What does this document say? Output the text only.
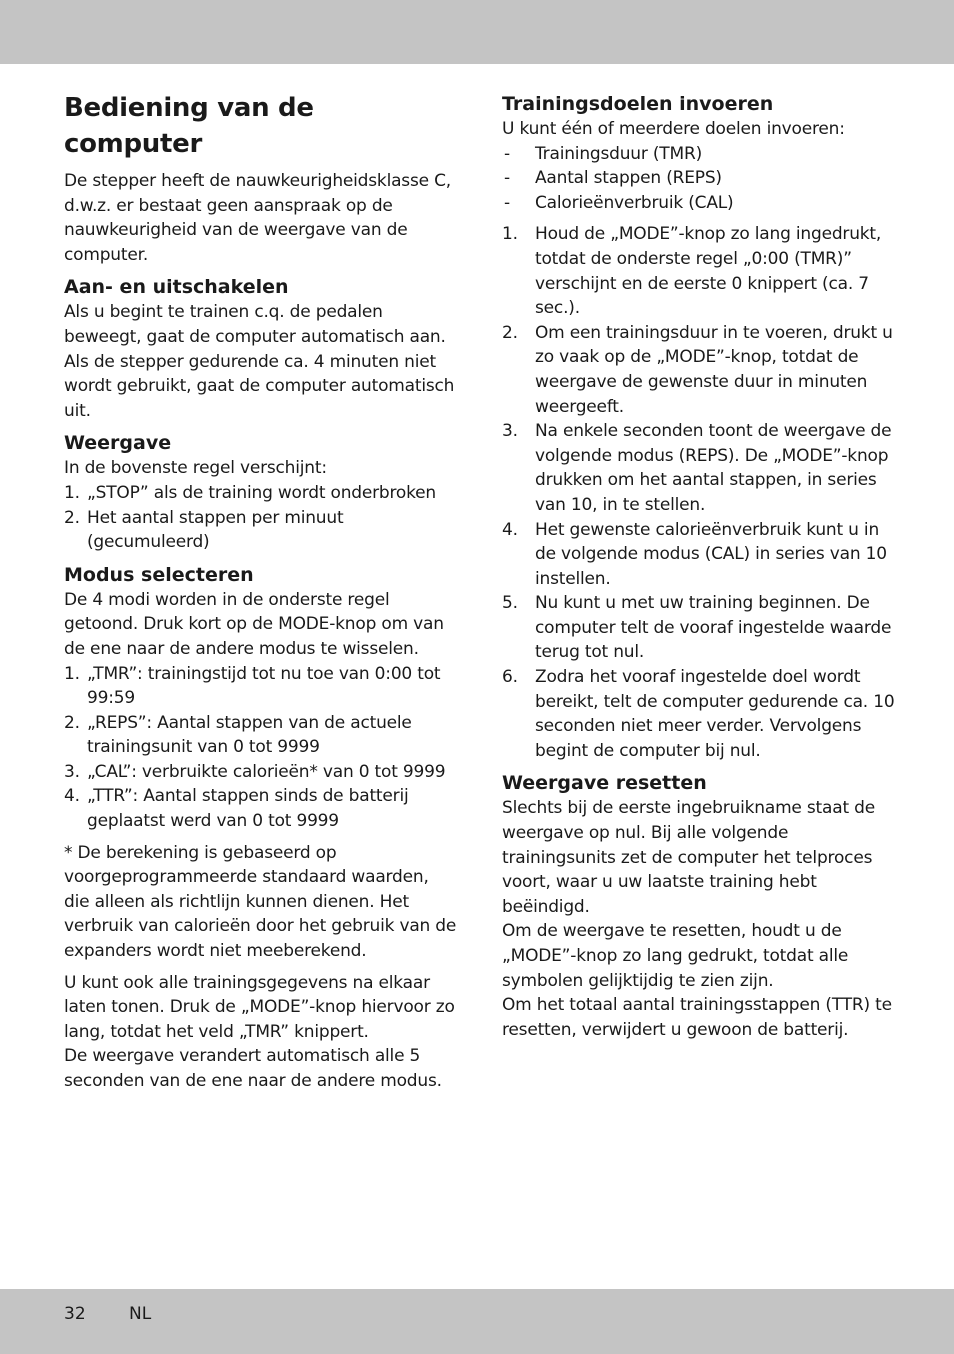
Bediening van de computer

De stepper heeft de nauwkeurigheidsklasse C, d.w.z. er bestaat geen aanspraak op de nauwkeurigheid van de weergave van de computer.

Aan- en uitschakelen

Als u begint te trainen c.q. de pedalen beweegt, gaat de computer automatisch aan. Als de stepper gedurende ca. 4 minuten niet wordt gebruikt, gaat de computer automatisch uit.

Weergave

In de bovenste regel verschijnt:

1. „STOP” als de training wordt onderbroken
2. Het aantal stappen per minuut (gecumuleerd)
Modus selecteren

De 4 modi worden in de onderste regel getoond. Druk kort op de MODE-knop om van de ene naar de andere modus te wisselen.

1. „TMR”: trainingstijd tot nu toe van 0:00 tot 99:59
2. „REPS”: Aantal stappen van de actuele trainingsunit van 0 tot 9999
3. „CAL”: verbruikte calorieën* van 0 tot 9999
4. „TTR”: Aantal stappen sinds de batterij geplaatst werd van 0 tot 9999

* De berekening is gebaseerd op voorgeprogrammeerde standaard waarden, die alleen als richtlijn kunnen dienen. Het verbruik van calorieën door het gebruik van de expanders wordt niet meeberekend.

U kunt ook alle trainingsgegevens na elkaar laten tonen. Druk de „MODE”-knop hiervoor zo lang, totdat het veld „TMR” knippert.

De weergave verandert automatisch alle 5 seconden van de ene naar de andere modus.

Trainingsdoelen invoeren

U kunt één of meerdere doelen invoeren:

- Trainingsduur (TMR)
- Aantal stappen (REPS)
- Calorieënverbruik (CAL)
1. Houd de „MODE”-knop zo lang ingedrukt, totdat de onderste regel „0:00 (TMR)” verschijnt en de eerste 0 knippert (ca. 7 sec.).
2. Om een trainingsduur in te voeren, drukt u zo vaak op de „MODE”-knop, totdat de weergave de gewenste duur in minuten weergeeft.
3. Na enkele seconden toont de weergave de volgende modus (REPS). De „MODE”-knop drukken om het aantal stappen, in series van 10, in te stellen.
4. Het gewenste calorieënverbruik kunt u in de volgende modus (CAL) in series van 10 instellen.
5. Nu kunt u met uw training beginnen. De computer telt de vooraf ingestelde waarde terug tot nul.
6. Zodra het vooraf ingestelde doel wordt bereikt, telt de computer gedurende ca. 10 seconden niet meer verder. Vervolgens begint de computer bij nul.
Weergave resetten

Slechts bij de eerste ingebruikname staat de weergave op nul. Bij alle volgende trainingsunits zet de computer het telproces voort, waar u uw laatste training hebt beëindigd.

Om de weergave te resetten, houdt u de „MODE”-knop zo lang gedrukt, totdat alle symbolen gelijktijdig te zien zijn.

Om het totaal aantal trainingsstappen (TTR) te resetten, verwijdert u gewoon de batterij.

32	NL
